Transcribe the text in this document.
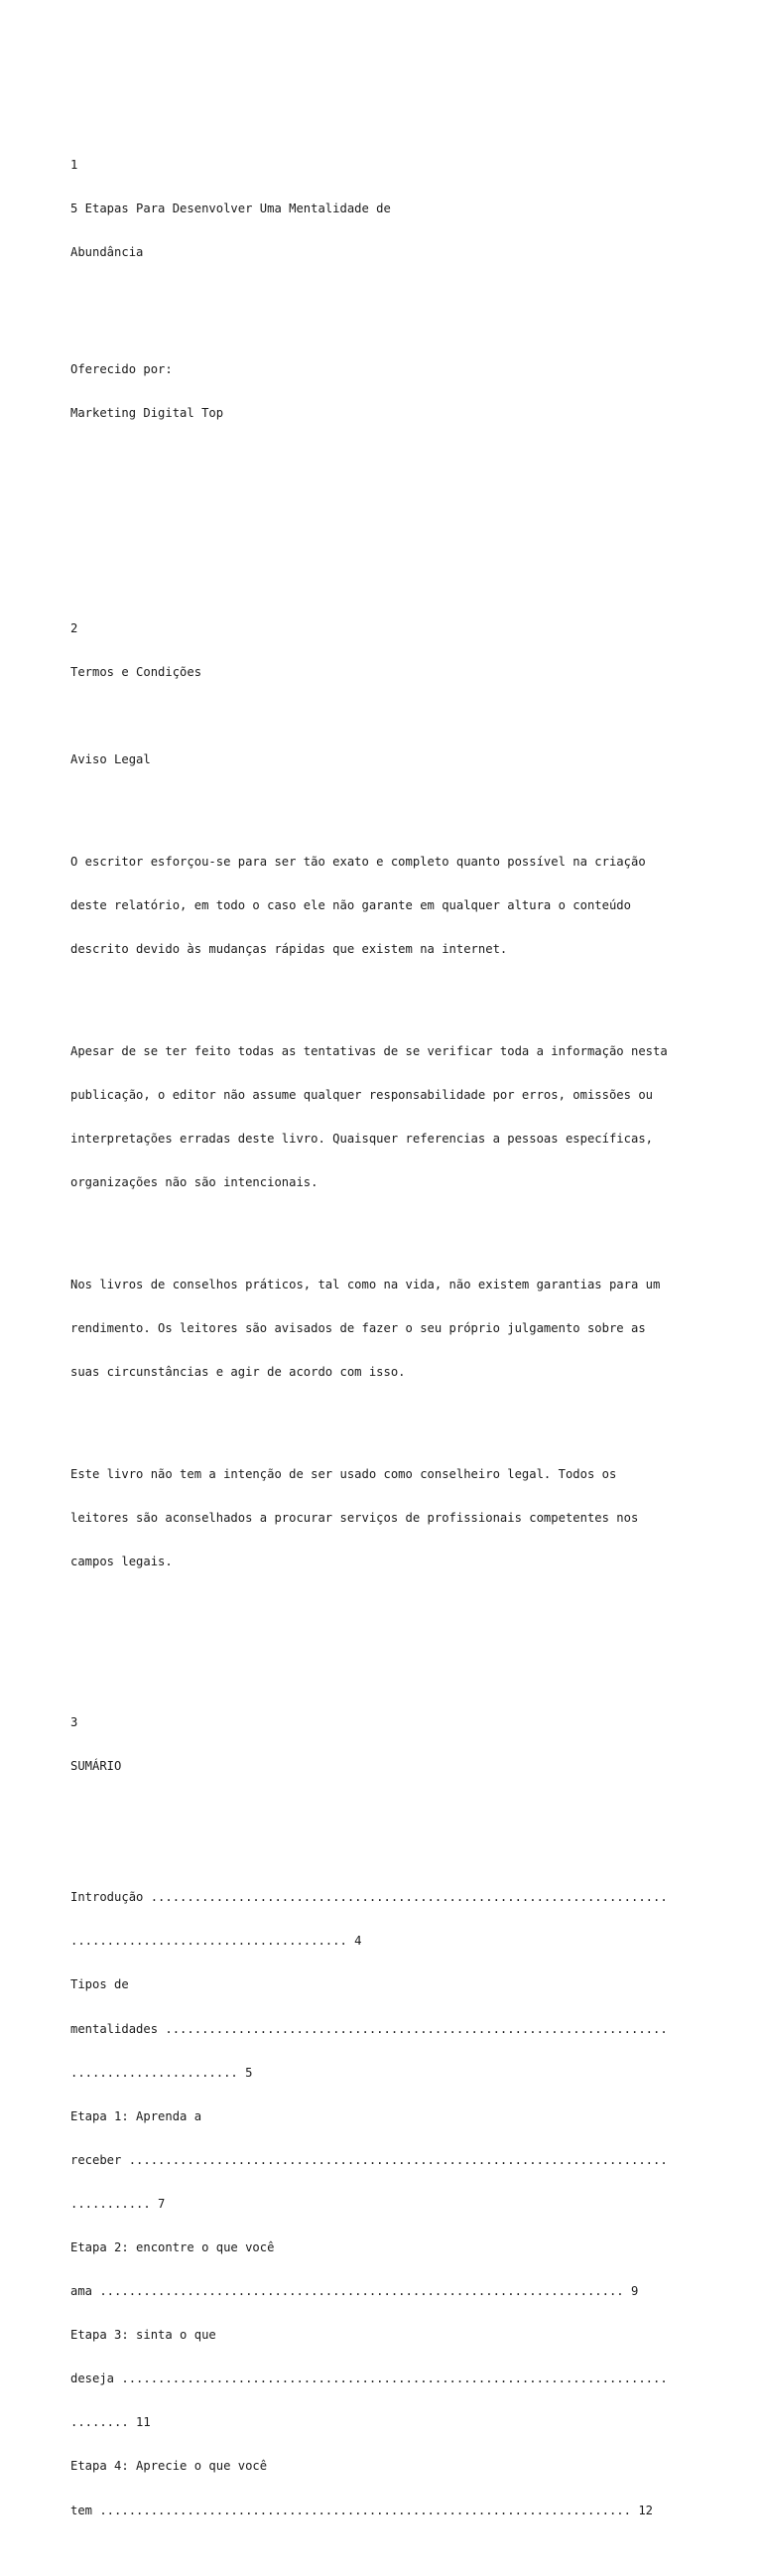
1

5 Etapas Para Desenvolver Uma Mentalidade de

Abundância

Oferecido por:

Marketing Digital Top

2

Termos e Condições

Aviso Legal

O escritor esforçou-se para ser tão exato e completo quanto possível na criação

deste relatório, em todo o caso ele não garante em qualquer altura o conteúdo

descrito devido às mudanças rápidas que existem na internet.

Apesar de se ter feito todas as tentativas de se verificar toda a informação nesta

publicação, o editor não assume qualquer responsabilidade por erros, omissões ou

interpretações erradas deste livro. Quaisquer referencias a pessoas específicas,

organizações não são intencionais.

Nos livros de conselhos práticos, tal como na vida, não existem garantias para um

rendimento. Os leitores são avisados de fazer o seu próprio julgamento sobre as

suas circunstâncias e agir de acordo com isso.

Este livro não tem a intenção de ser usado como conselheiro legal. Todos os

leitores são aconselhados a procurar serviços de profissionais competentes nos

campos legais.

3

SUMÁRIO

Introdução .......................................................................

...................................... 4

Tipos de

mentalidades .....................................................................

....................... 5

Etapa 1: Aprenda a

receber ..........................................................................

........... 7

Etapa 2: encontre o que você

ama ........................................................................ 9

Etapa 3: sinta o que

deseja ...........................................................................

........ 11

Etapa 4: Aprecie o que você

tem ......................................................................... 12
